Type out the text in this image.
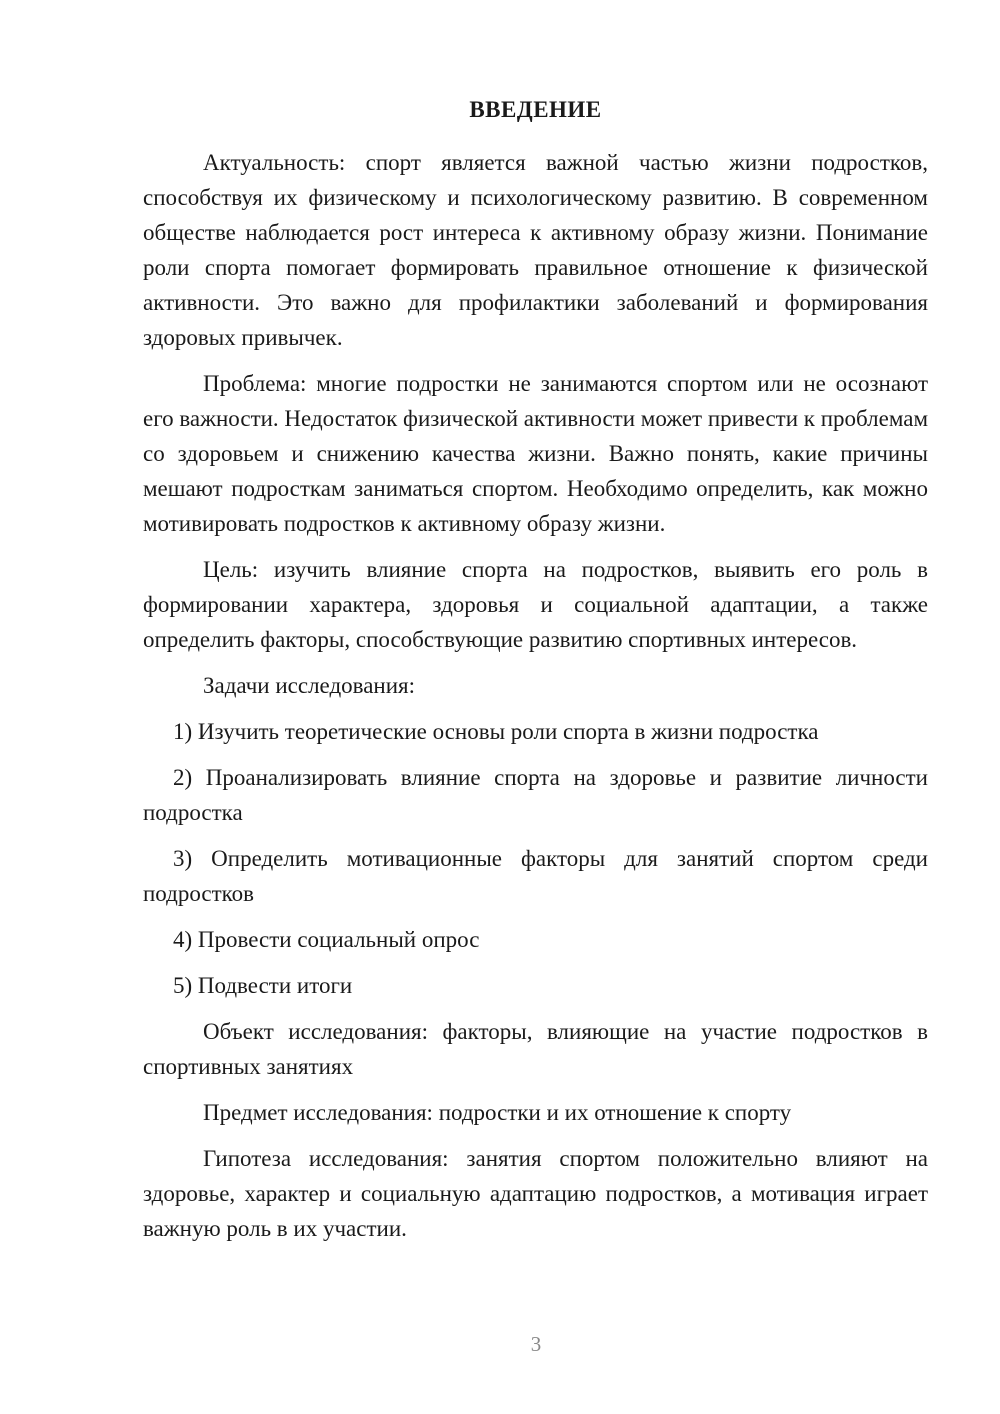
ВВЕДЕНИЕ

Актуальность: спорт является важной частью жизни подростков, способствуя их физическому и психологическому развитию. В современном обществе наблюдается рост интереса к активному образу жизни. Понимание роли спорта помогает формировать правильное отношение к физической активности. Это важно для профилактики заболеваний и формирования здоровых привычек.

Проблема: многие подростки не занимаются спортом или не осознают его важности. Недостаток физической активности может привести к проблемам со здоровьем и снижению качества жизни. Важно понять, какие причины мешают подросткам заниматься спортом. Необходимо определить, как можно мотивировать подростков к активному образу жизни.

Цель: изучить влияние спорта на подростков, выявить его роль в формировании характера, здоровья и социальной адаптации, а также определить факторы, способствующие развитию спортивных интересов.

Задачи исследования:

1) Изучить теоретические основы роли спорта в жизни подростка

2) Проанализировать влияние спорта на здоровье и развитие личности подростка

3) Определить мотивационные факторы для занятий спортом среди подростков

4) Провести социальный опрос

5) Подвести итоги

Объект исследования: факторы, влияющие на участие подростков в спортивных занятиях

Предмет исследования: подростки и их отношение к спорту

Гипотеза исследования: занятия спортом положительно влияют на здоровье, характер и социальную адаптацию подростков, а мотивация играет важную роль в их участии.

3
